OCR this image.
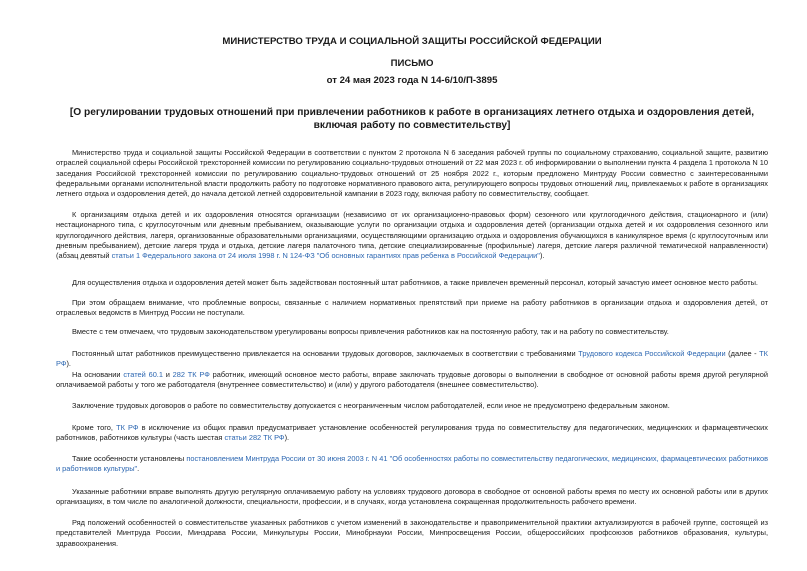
МИНИСТЕРСТВО ТРУДА И СОЦИАЛЬНОЙ ЗАЩИТЫ РОССИЙСКОЙ ФЕДЕРАЦИИ
ПИСЬМО
от 24 мая 2023 года N 14-6/10/П-3895
[О регулировании трудовых отношений при привлечении работников к работе в организациях летнего отдыха и оздоровления детей, включая работу по совместительству]

Министерство труда и социальной защиты Российской Федерации в соответствии с пунктом 2 протокола N 6 заседания рабочей группы по социальному страхованию, социальной защите, развитию отраслей социальной сферы Российской трехсторонней комиссии по регулированию социально-трудовых отношений от 22 мая 2023 г. об информировании о выполнении пункта 4 раздела 1 протокола N 10 заседания Российской трехсторонней комиссии по регулированию социально-трудовых отношений от 25 ноября 2022 г., которым предложено Минтруду России совместно с заинтересованными федеральными органами исполнительной власти продолжить работу по подготовке нормативного правового акта, регулирующего вопросы трудовых отношений лиц, привлекаемых к работе в организациях летнего отдыха и оздоровления детей, до начала детской летней оздоровительной кампании в 2023 году, включая работу по совместительству, сообщает.

К организациям отдыха детей и их оздоровления относятся организации (независимо от их организационно-правовых форм) сезонного или круглогодичного действия, стационарного и (или) нестационарного типа, с круглосуточным или дневным пребыванием, оказывающие услуги по организации отдыха и оздоровления детей (организации отдыха детей и их оздоровления сезонного или круглогодичного действия, лагеря, организованные образовательными организациями, осуществляющими организацию отдыха и оздоровления обучающихся в каникулярное время (с круглосуточным или дневным пребыванием), детские лагеря труда и отдыха, детские лагеря палаточного типа, детские специализированные (профильные) лагеря, детские лагеря различной тематической направленности) (абзац девятый статьи 1 Федерального закона от 24 июля 1998 г. N 124-ФЗ "Об основных гарантиях прав ребенка в Российской Федерации").

Для осуществления отдыха и оздоровления детей может быть задействован постоянный штат работников, а также привлечен временный персонал, который зачастую имеет основное место работы.

При этом обращаем внимание, что проблемные вопросы, связанные с наличием нормативных препятствий при приеме на работу работников в организации отдыха и оздоровления детей, от отраслевых ведомств в Минтруд России не поступали.

Вместе с тем отмечаем, что трудовым законодательством урегулированы вопросы привлечения работников как на постоянную работу, так и на работу по совместительству.

Постоянный штат работников преимущественно привлекается на основании трудовых договоров, заключаемых в соответствии с требованиями Трудового кодекса Российской Федерации (далее - ТК РФ).

На основании статей 60.1 и 282 ТК РФ работник, имеющий основное место работы, вправе заключать трудовые договоры о выполнении в свободное от основной работы время другой регулярной оплачиваемой работы у того же работодателя (внутреннее совместительство) и (или) у другого работодателя (внешнее совместительство).

Заключение трудовых договоров о работе по совместительству допускается с неограниченным числом работодателей, если иное не предусмотрено федеральным законом.

Кроме того, ТК РФ в исключение из общих правил предусматривает установление особенностей регулирования труда по совместительству для педагогических, медицинских и фармацевтических работников, работников культуры (часть шестая статьи 282 ТК РФ).

Такие особенности установлены постановлением Минтруда России от 30 июня 2003 г. N 41 "Об особенностях работы по совместительству педагогических, медицинских, фармацевтических работников и работников культуры".

Указанные работники вправе выполнять другую регулярную оплачиваемую работу на условиях трудового договора в свободное от основной работы время по месту их основной работы или в других организациях, в том числе по аналогичной должности, специальности, профессии, и в случаях, когда установлена сокращенная продолжительность рабочего времени.

Ряд положений особенностей о совместительстве указанных работников с учетом изменений в законодательстве и правоприменительной практики актуализируются в рабочей группе, состоящей из представителей Минтруда России, Минздрава России, Минкультуры России, Минобрнауки России, Минпросвещения России, общероссийских профсоюзов работников образования, культуры, здравоохранения.
